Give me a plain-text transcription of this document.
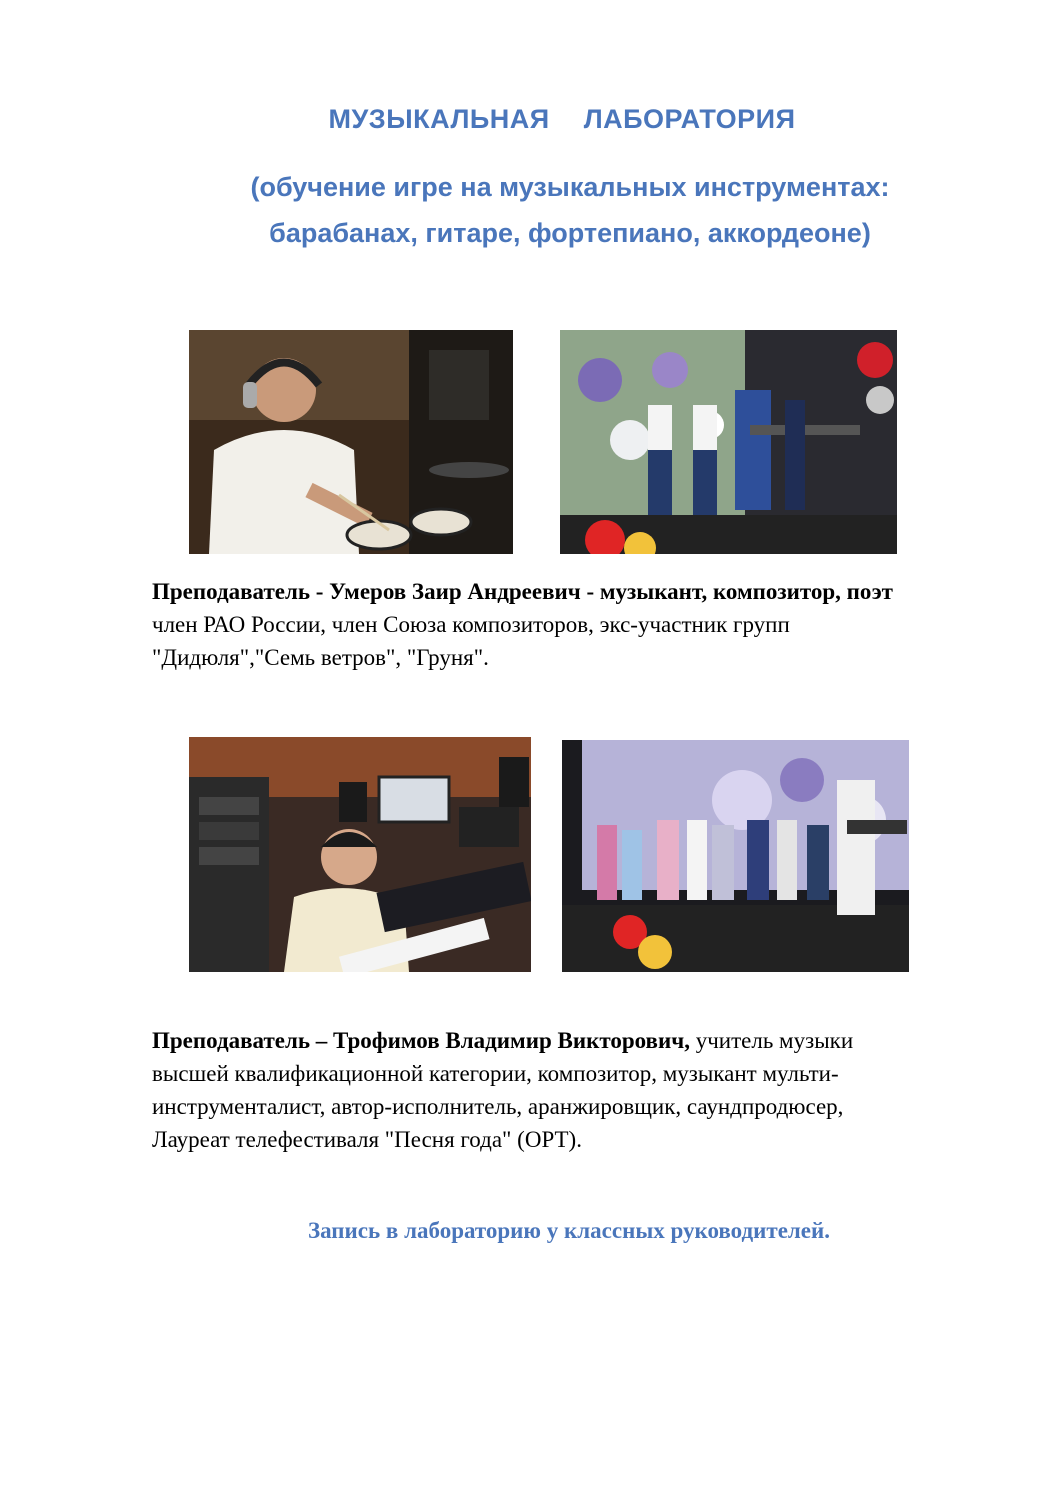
МУЗЫКАЛЬНАЯ ЛАБОРАТОРИЯ
(обучение игре на музыкальных инструментах:
барабанах, гитаре, фортепиано, аккордеоне)
Преподаватель - Умеров Заир Андреевич - музыкант, композитор, поэт
член РАО России, член Союза композиторов, экс-участник групп
"Дидюля","Семь ветров", "Груня".
Преподаватель – Трофимов Владимир Викторович, учитель музыки
высшей квалификационной категории, композитор, музыкант мульти-
инструменталист, автор-исполнитель, аранжировщик, саундпродюсер,
Лауреат телефестиваля "Песня года" (ОРТ).
Запись в лабораторию у классных руководителей.
